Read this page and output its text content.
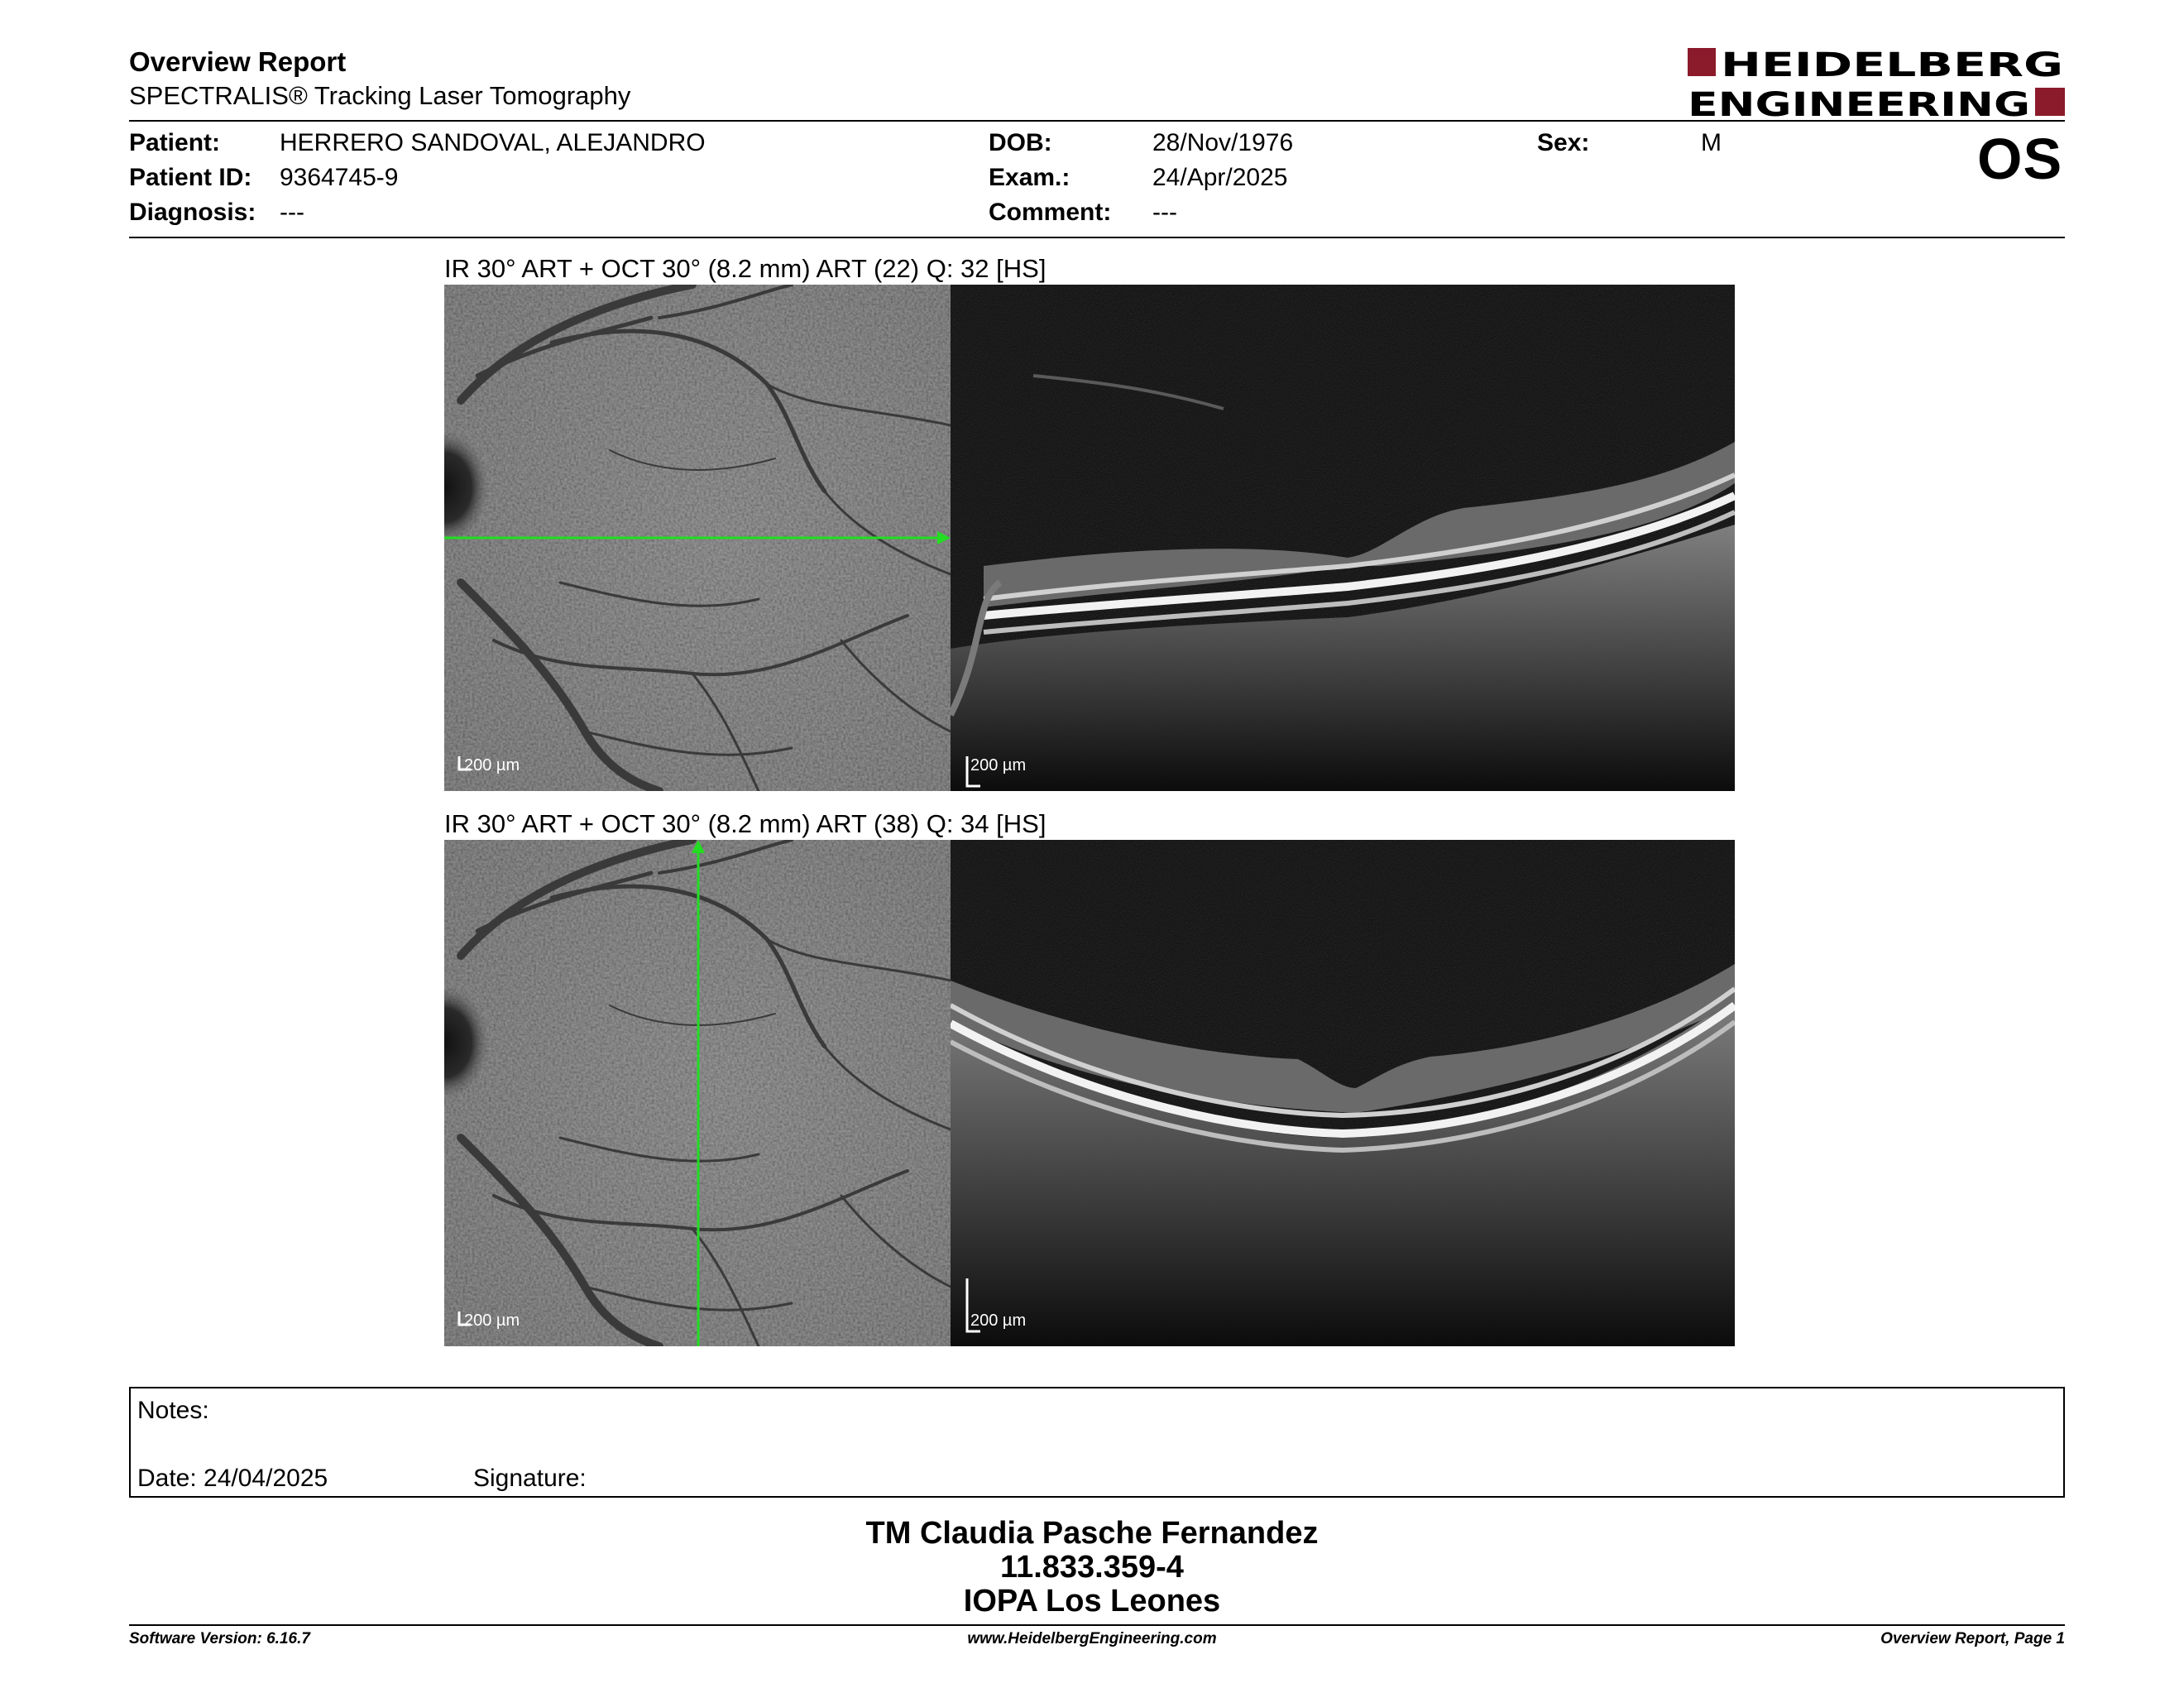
Overview Report
SPECTRALIS® Tracking Laser Tomography
HEIDELBERG
ENGINEERING
Patient: HERRERO SANDOVAL, ALEJANDRO
Patient ID: 9364745-9
Diagnosis: ---
DOB:	28/Nov/1976
Exam.:	24/Apr/2025
Comment: ---
Sex:	M	OS
IR 30° ART + OCT 30° (8.2 mm) ART (22) Q: 32 [HS]
200 µm	200 µm
IR 30° ART + OCT 30° (8.2 mm) ART (38) Q: 34 [HS]
200 µm	200 µm
Notes:
Date: 24/04/2025	Signature:
TM Claudia Pasche Fernandez
11.833.359-4
IOPA Los Leones
Software Version: 6.16.7	www.HeidelbergEngineering.com	Overview Report, Page 1
